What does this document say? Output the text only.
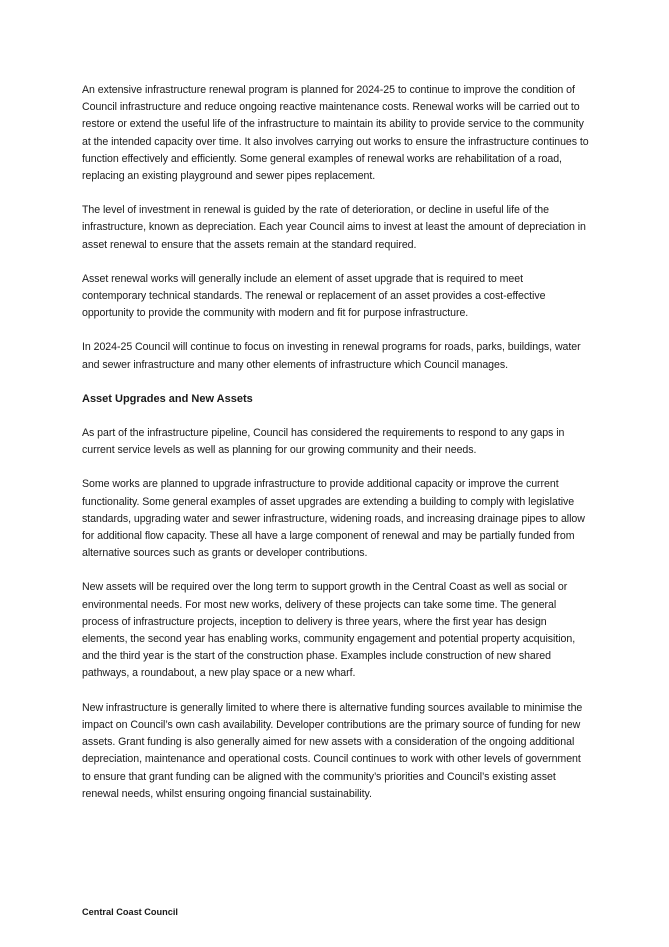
An extensive infrastructure renewal program is planned for 2024-25 to continue to improve the condition of Council infrastructure and reduce ongoing reactive maintenance costs. Renewal works will be carried out to restore or extend the useful life of the infrastructure to maintain its ability to provide service to the community at the intended capacity over time. It also involves carrying out works to ensure the infrastructure continues to function effectively and efficiently. Some general examples of renewal works are rehabilitation of a road, replacing an existing playground and sewer pipes replacement.

The level of investment in renewal is guided by the rate of deterioration, or decline in useful life of the infrastructure, known as depreciation. Each year Council aims to invest at least the amount of depreciation in asset renewal to ensure that the assets remain at the standard required.

Asset renewal works will generally include an element of asset upgrade that is required to meet contemporary technical standards. The renewal or replacement of an asset provides a cost-effective opportunity to provide the community with modern and fit for purpose infrastructure.

In 2024-25 Council will continue to focus on investing in renewal programs for roads, parks, buildings, water and sewer infrastructure and many other elements of infrastructure which Council manages.

Asset Upgrades and New Assets

As part of the infrastructure pipeline, Council has considered the requirements to respond to any gaps in current service levels as well as planning for our growing community and their needs.

Some works are planned to upgrade infrastructure to provide additional capacity or improve the current functionality. Some general examples of asset upgrades are extending a building to comply with legislative standards, upgrading water and sewer infrastructure, widening roads, and increasing drainage pipes to allow for additional flow capacity. These all have a large component of renewal and may be partially funded from alternative sources such as grants or developer contributions.

New assets will be required over the long term to support growth in the Central Coast as well as social or environmental needs. For most new works, delivery of these projects can take some time. The general process of infrastructure projects, inception to delivery is three years, where the first year has design elements, the second year has enabling works, community engagement and potential property acquisition, and the third year is the start of the construction phase. Examples include construction of new shared pathways, a roundabout, a new play space or a new wharf.

New infrastructure is generally limited to where there is alternative funding sources available to minimise the impact on Council’s own cash availability. Developer contributions are the primary source of funding for new assets. Grant funding is also generally aimed for new assets with a consideration of the ongoing additional depreciation, maintenance and operational costs. Council continues to work with other levels of government to ensure that grant funding can be aligned with the community’s priorities and Council’s existing asset renewal needs, whilst ensuring ongoing financial sustainability.

Central Coast Council
